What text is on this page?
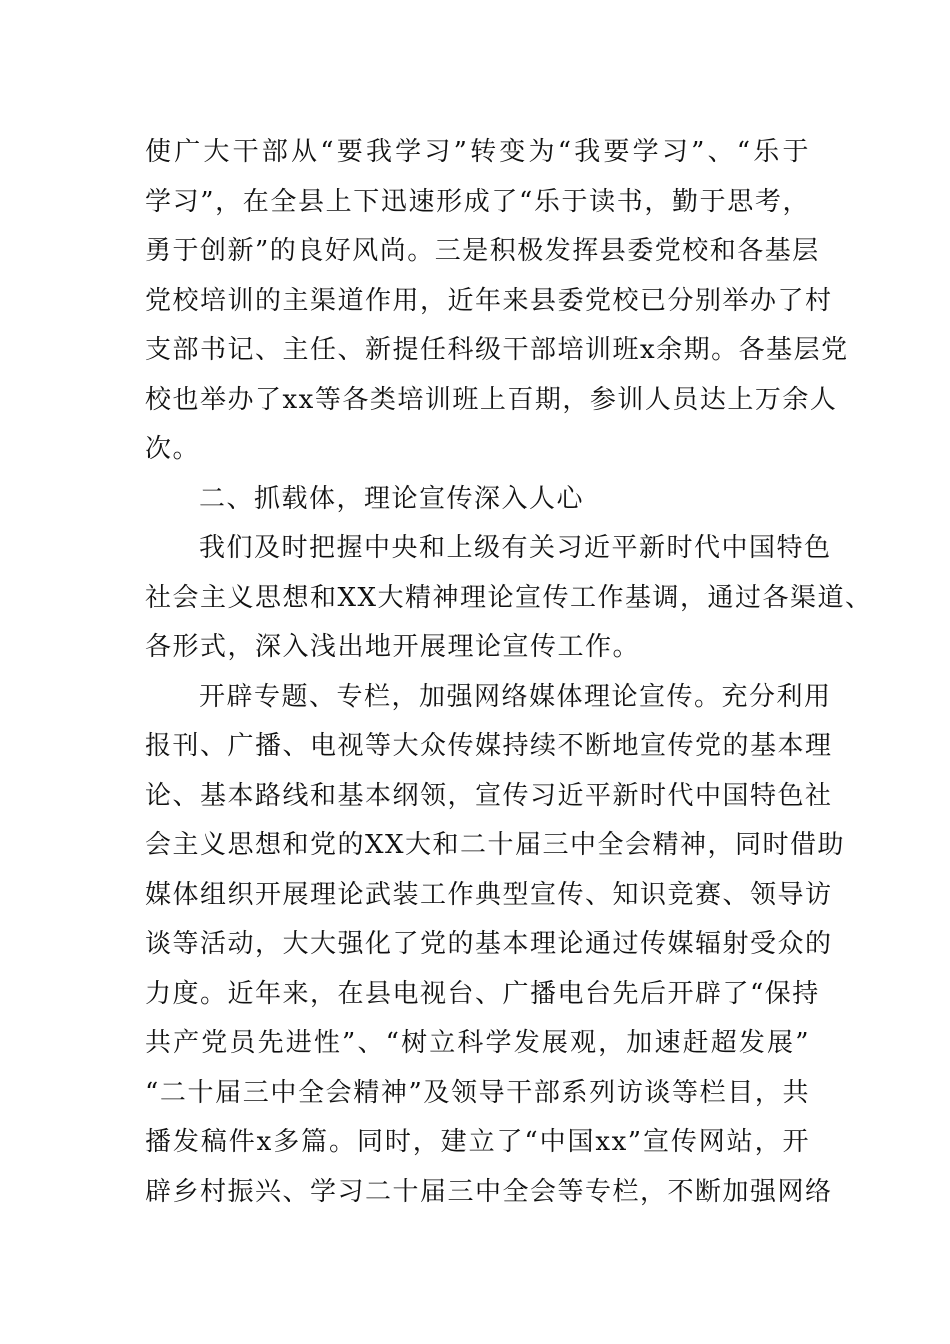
使广大干部从“要我学习”转变为“我要学习”、“乐于
学习”，在全县上下迅速形成了“乐于读书，勤于思考，
勇于创新”的良好风尚。三是积极发挥县委党校和各基层
党校培训的主渠道作用，近年来县委党校已分别举办了村
支部书记、主任、新提任科级干部培训班x余期。各基层党
校也举办了xx等各类培训班上百期，参训人员达上万余人
次。
二、抓载体，理论宣传深入人心
我们及时把握中央和上级有关习近平新时代中国特色
社会主义思想和XX大精神理论宣传工作基调，通过各渠道、
各形式，深入浅出地开展理论宣传工作。
开辟专题、专栏，加强网络媒体理论宣传。充分利用
报刊、广播、电视等大众传媒持续不断地宣传党的基本理
论、基本路线和基本纲领，宣传习近平新时代中国特色社
会主义思想和党的XX大和二十届三中全会精神，同时借助
媒体组织开展理论武装工作典型宣传、知识竞赛、领导访
谈等活动，大大强化了党的基本理论通过传媒辐射受众的
力度。近年来，在县电视台、广播电台先后开辟了“保持
共产党员先进性”、“树立科学发展观，加速赶超发展”
“二十届三中全会精神”及领导干部系列访谈等栏目，共
播发稿件x多篇。同时，建立了“中国xx”宣传网站，开
辟乡村振兴、学习二十届三中全会等专栏，不断加强网络
